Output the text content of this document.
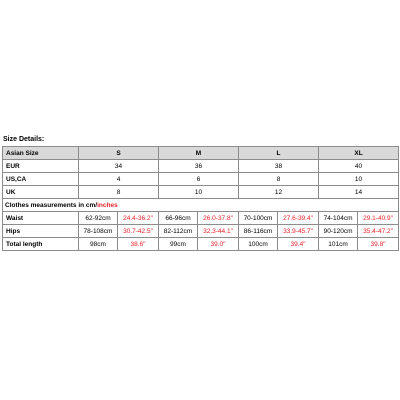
Size Details:
Asian Size	S		M		L		XL	
EUR	34		36		38		40	
US,CA	4		6		8		10	
UK	8		10		12		14	
Clothes measurements in cm/inches								
Waist	62-92cm	24.4-36.2"	66-96cm	26.0-37.8"	70-100cm	27.6-39.4"	74-104cm	29.1-40.9"
Hips	78-108cm	30.7-42.5"	82-112cm	32.3-44.1"	86-116cm	33.9-45.7"	90-120cm	35.4-47.2"
Total length	98cm	38.6"	99cm	39.0"	100cm	39.4"	101cm	39.8"
